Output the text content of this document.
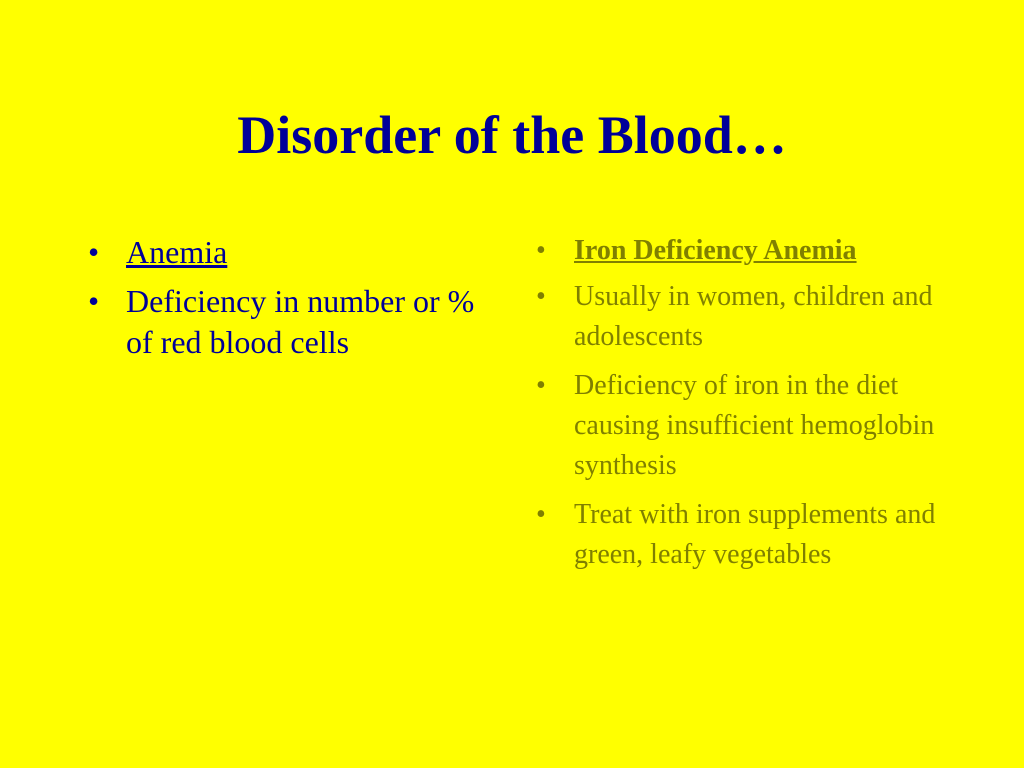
Disorder of the Blood…
• Anemia
• Deficiency in number or % of red blood cells
• Iron Deficiency Anemia
• Usually in women, children and adolescents
• Deficiency of iron in the diet causing insufficient hemoglobin synthesis
• Treat with iron supplements and green, leafy vegetables
